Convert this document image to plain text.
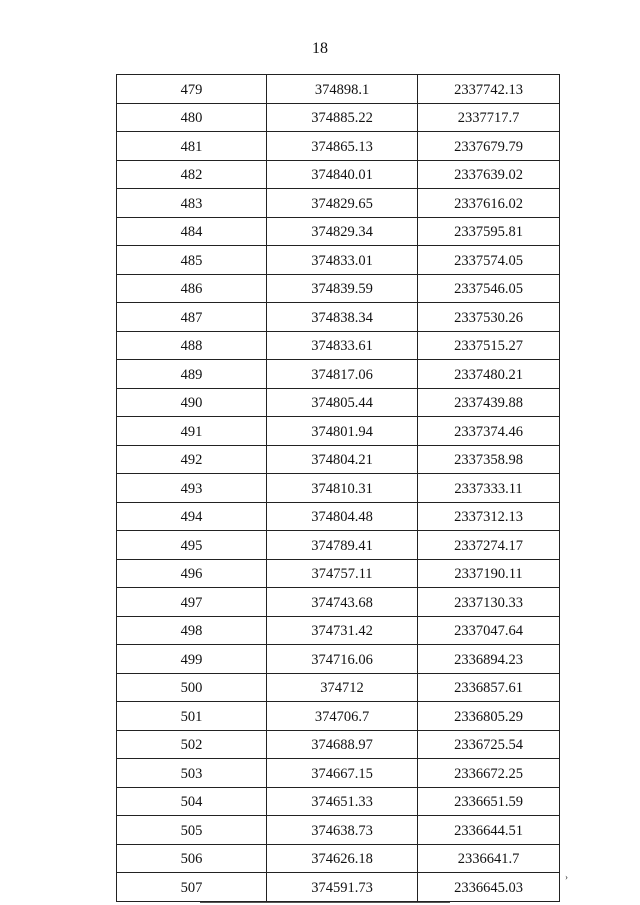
18
479	374898.1	2337742.13
480	374885.22	2337717.7
481	374865.13	2337679.79
482	374840.01	2337639.02
483	374829.65	2337616.02
484	374829.34	2337595.81
485	374833.01	2337574.05
486	374839.59	2337546.05
487	374838.34	2337530.26
488	374833.61	2337515.27
489	374817.06	2337480.21
490	374805.44	2337439.88
491	374801.94	2337374.46
492	374804.21	2337358.98
493	374810.31	2337333.11
494	374804.48	2337312.13
495	374789.41	2337274.17
496	374757.11	2337190.11
497	374743.68	2337130.33
498	374731.42	2337047.64
499	374716.06	2336894.23
500	374712	2336857.61
501	374706.7	2336805.29
502	374688.97	2336725.54
503	374667.15	2336672.25
504	374651.33	2336651.59
505	374638.73	2336644.51
506	374626.18	2336641.7
507	374591.73	2336645.03
›
